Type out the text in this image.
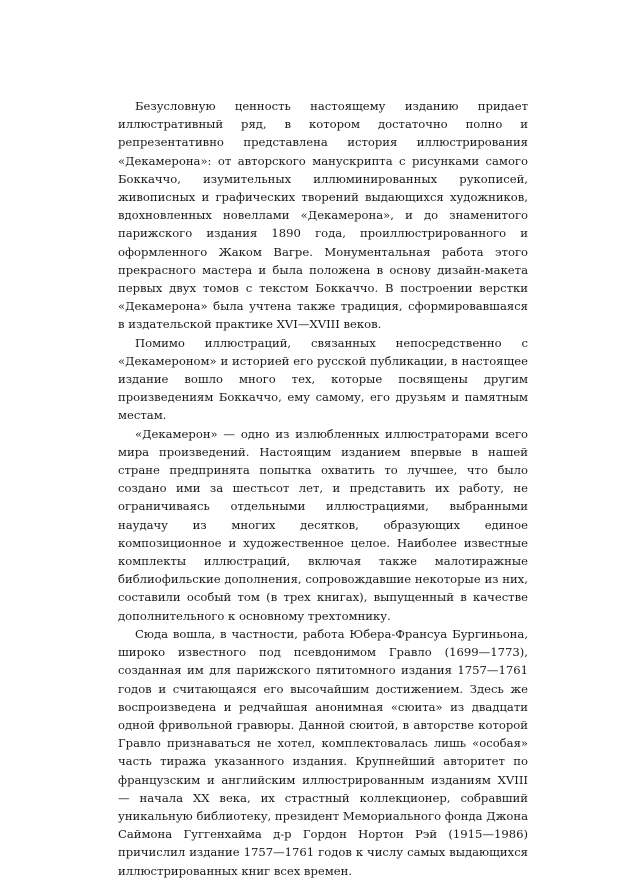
Безусловную ценность настоящему изданию придает иллюстративный ряд, в котором достаточно полно и репрезентативно представлена история иллюстрирования «Декамерона»: от авторского манускрипта с рисунками самого Боккаччо, изумительных иллюминированных рукописей, живописных и графических творений выдающихся художников, вдохновленных новеллами «Декамерона», и до знаменитого парижского издания 1890 года, проиллюстрированного и оформленного Жаком Вагре. Монументальная работа этого прекрасного мастера и была положена в основу дизайн-макета первых двух томов с текстом Боккаччо. В построении верстки «Декамерона» была учтена также традиция, сформировавшаяся в издательской практике XVI—XVIII веков.

Помимо иллюстраций, связанных непосредственно с «Декамероном» и историей его русской публикации, в настоящее издание вошло много тех, которые посвящены другим произведениям Боккаччо, ему самому, его друзьям и памятным местам.

«Декамерон» — одно из излюбленных иллюстраторами всего мира произведений. Настоящим изданием впервые в нашей стране предпринята попытка охватить то лучшее, что было создано ими за шестьсот лет, и представить их работу, не ограничиваясь отдельными иллюстрациями, выбранными наудачу из многих десятков, образующих единое композиционное и художественное целое. Наиболее известные комплекты иллюстраций, включая также малотиражные библиофильские дополнения, сопровождавшие некоторые из них, составили особый том (в трех книгах), выпущенный в качестве дополнительного к основному трехтомнику.

Сюда вошла, в частности, работа Юбера-Франсуа Бургиньона, широко известного под псевдонимом Гравло (1699—1773), созданная им для парижского пятитомного издания 1757—1761 годов и считающаяся его высочайшим достижением. Здесь же воспроизведена и редчайшая анонимная «сюита» из двадцати одной фривольной гравюры. Данной сюитой, в авторстве которой Гравло признаваться не хотел, комплектовалась лишь «особая» часть тиража указанного издания. Крупнейший авторитет по французским и английским иллюстрированным изданиям XVIII — начала XX века, их страстный коллекционер, собравший уникальную библиотеку, президент Мемориального фонда Джона Саймона Гуггенхайма д-р Гордон Нортон Рэй (1915—1986) причислил издание 1757—1761 годов к числу самых выдающихся иллюстрированных книг всех времен.
